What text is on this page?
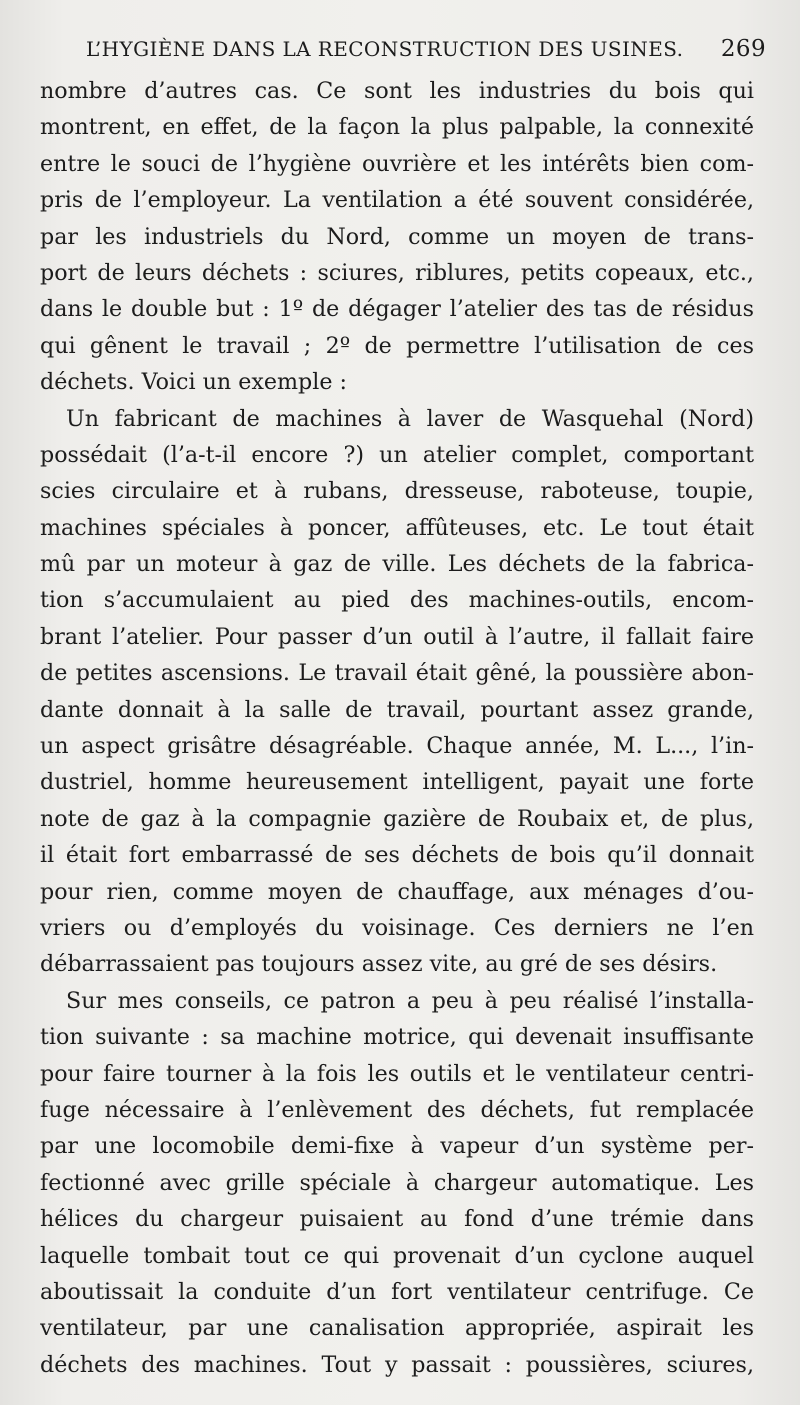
L’HYGIÈNE DANS LA RECONSTRUCTION DES USINES. 269
nombre d’autres cas. Ce sont les industries du bois qui
montrent, en effet, de la façon la plus palpable, la connexité
entre le souci de l’hygiène ouvrière et les intérêts bien com-
pris de l’employeur. La ventilation a été souvent considérée,
par les industriels du Nord, comme un moyen de trans-
port de leurs déchets : sciures, riblures, petits copeaux, etc.,
dans le double but : 1º de dégager l’atelier des tas de résidus
qui gênent le travail ; 2º de permettre l’utilisation de ces
déchets. Voici un exemple :
Un fabricant de machines à laver de Wasquehal (Nord)
possédait (l’a-t-il encore ?) un atelier complet, comportant
scies circulaire et à rubans, dresseuse, raboteuse, toupie,
machines spéciales à poncer, affûteuses, etc. Le tout était
mû par un moteur à gaz de ville. Les déchets de la fabrica-
tion s’accumulaient au pied des machines-outils, encom-
brant l’atelier. Pour passer d’un outil à l’autre, il fallait faire
de petites ascensions. Le travail était gêné, la poussière abon-
dante donnait à la salle de travail, pourtant assez grande,
un aspect grisâtre désagréable. Chaque année, M. L..., l’in-
dustriel, homme heureusement intelligent, payait une forte
note de gaz à la compagnie gazière de Roubaix et, de plus,
il était fort embarrassé de ses déchets de bois qu’il donnait
pour rien, comme moyen de chauffage, aux ménages d’ou-
vriers ou d’employés du voisinage. Ces derniers ne l’en
débarrassaient pas toujours assez vite, au gré de ses désirs.
Sur mes conseils, ce patron a peu à peu réalisé l’installa-
tion suivante : sa machine motrice, qui devenait insuffisante
pour faire tourner à la fois les outils et le ventilateur centri-
fuge nécessaire à l’enlèvement des déchets, fut remplacée
par une locomobile demi-fixe à vapeur d’un système per-
fectionné avec grille spéciale à chargeur automatique. Les
hélices du chargeur puisaient au fond d’une trémie dans
laquelle tombait tout ce qui provenait d’un cyclone auquel
aboutissait la conduite d’un fort ventilateur centrifuge. Ce
ventilateur, par une canalisation appropriée, aspirait les
déchets des machines. Tout y passait : poussières, sciures,
